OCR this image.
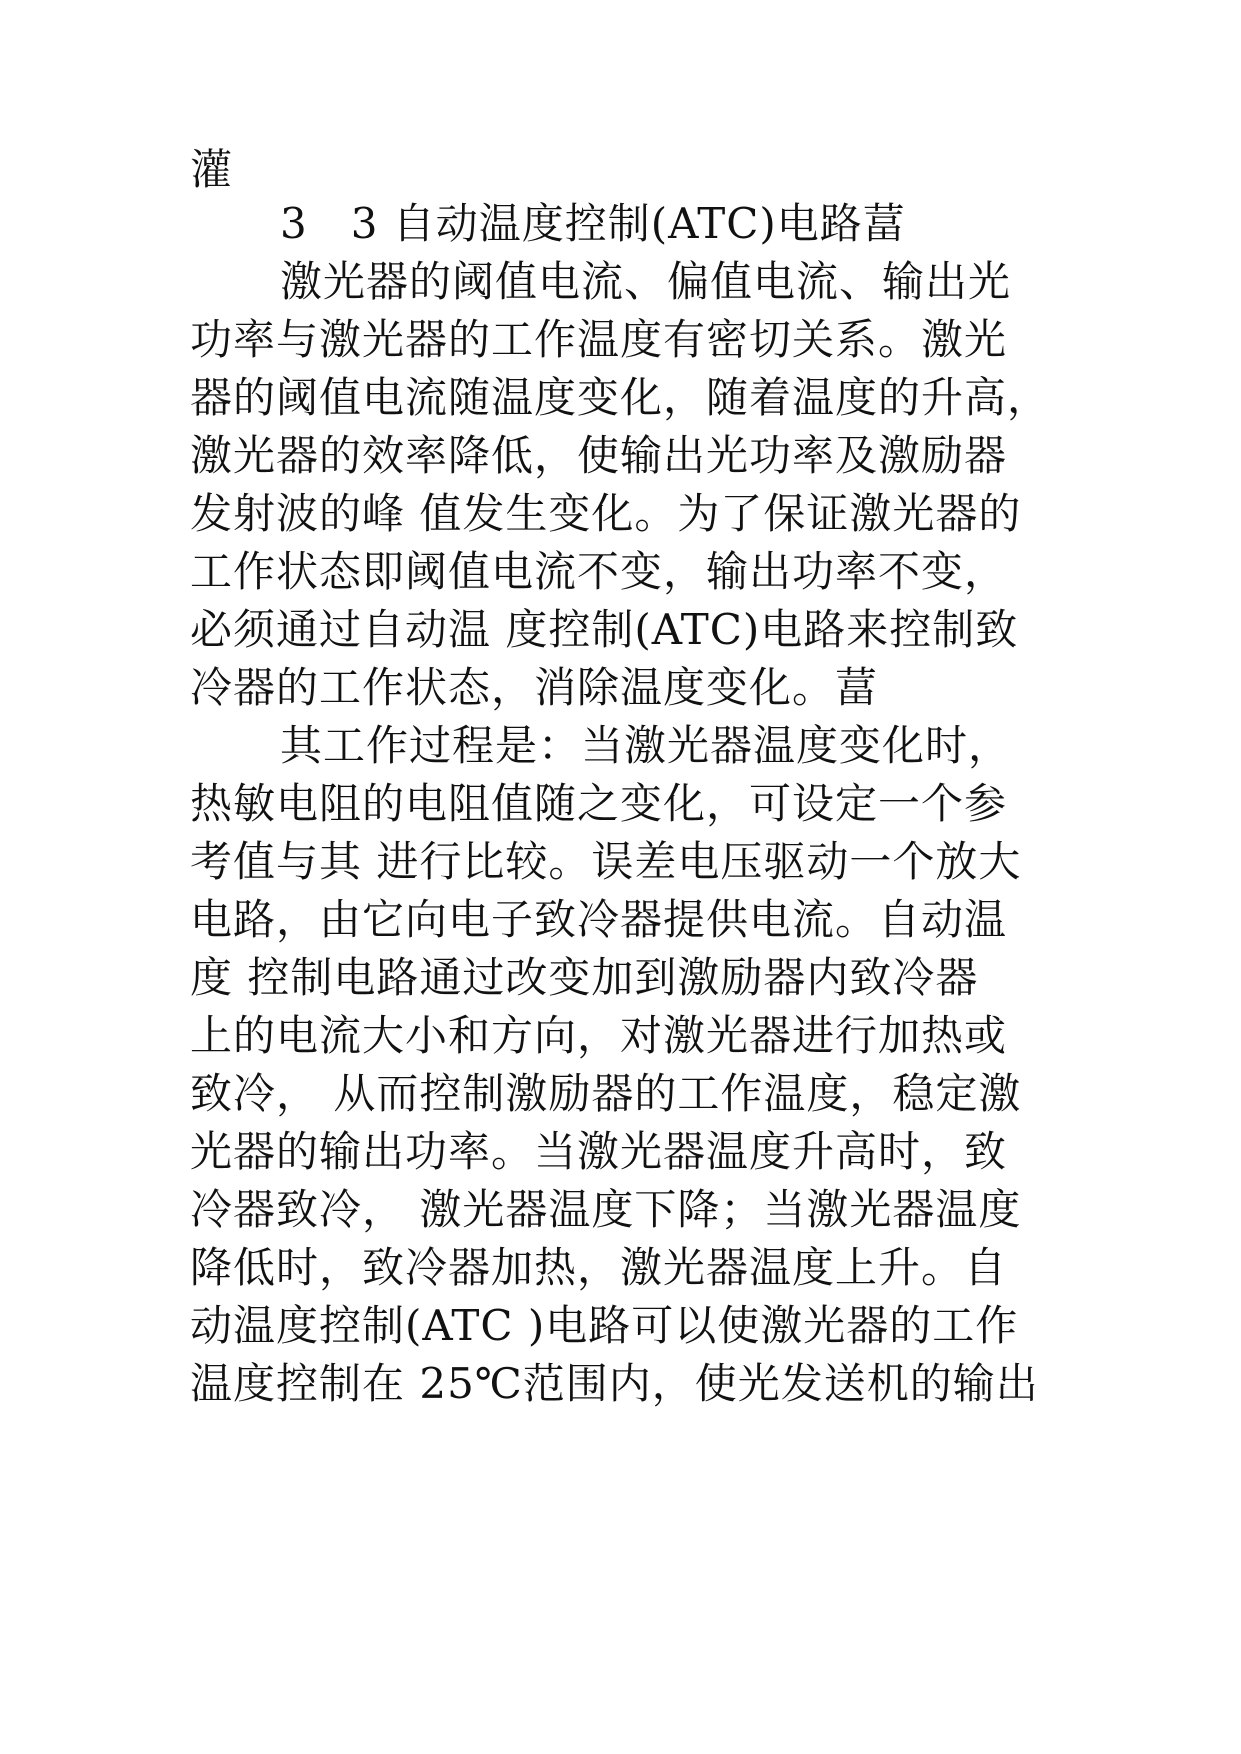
灌
3　3 自动温度控制(ATC)电路葍
激光器的阈值电流、偏值电流、输出光
功率与激光器的工作温度有密切关系。激光
器的阈值电流随温度变化，随着温度的升高，
激光器的效率降低，使输出光功率及激励器
发射波的峰 值发生变化。为了保证激光器的
工作状态即阈值电流不变，输出功率不变，
必须通过自动温 度控制(ATC)电路来控制致
冷器的工作状态，消除温度变化。葍
其工作过程是：当激光器温度变化时，
热敏电阻的电阻值随之变化，可设定一个参
考值与其 进行比较。误差电压驱动一个放大
电路，由它向电子致冷器提供电流。自动温
度 控制电路通过改变加到激励器内致冷器
上的电流大小和方向，对激光器进行加热或
致冷， 从而控制激励器的工作温度，稳定激
光器的输出功率。当激光器温度升高时，致
冷器致冷， 激光器温度下降；当激光器温度
降低时，致冷器加热，激光器温度上升。自
动温度控制(ATC )电路可以使激光器的工作
温度控制在 25℃范围内，使光发送机的输出
